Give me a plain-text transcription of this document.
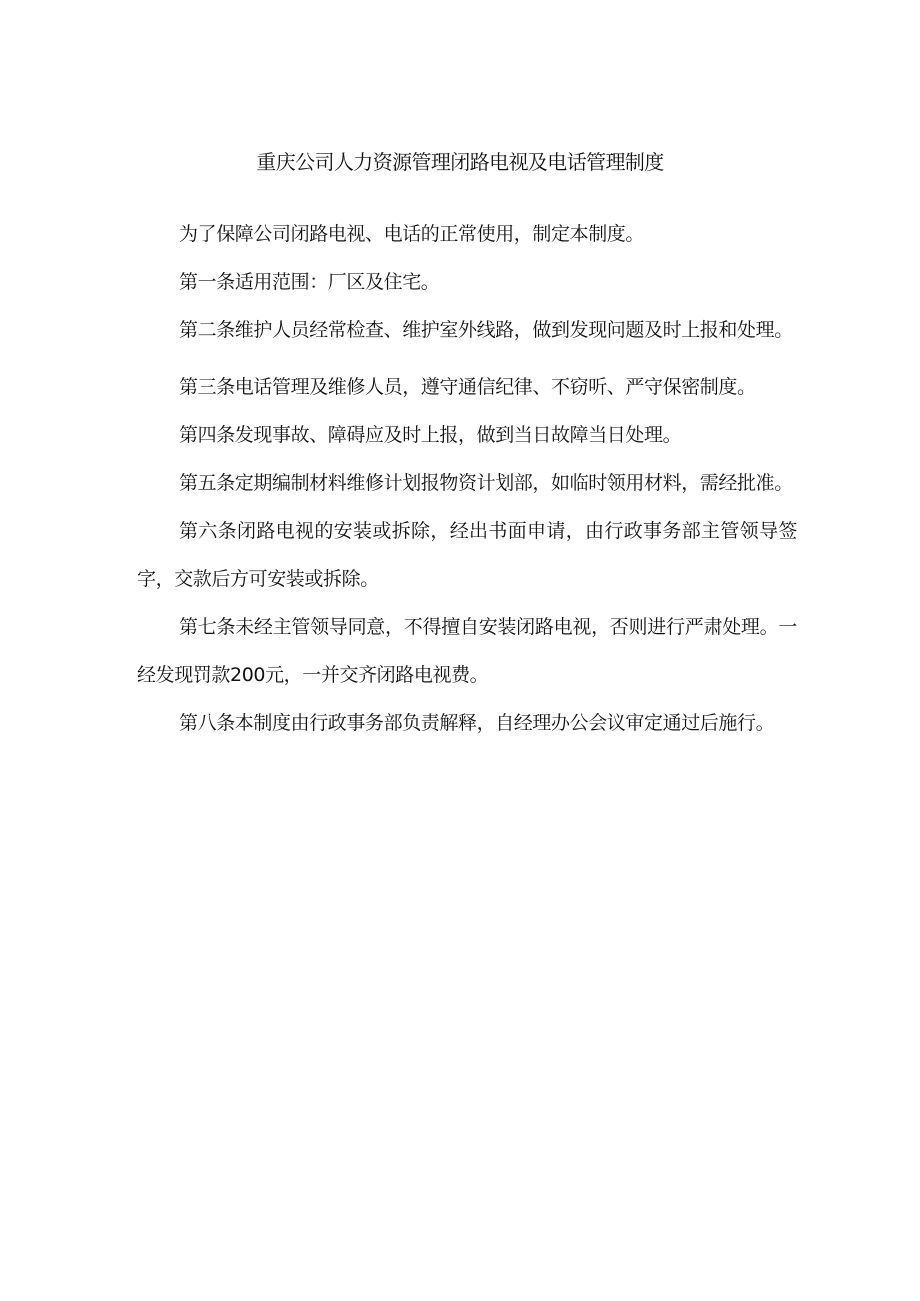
重庆公司人力资源管理闭路电视及电话管理制度

为了保障公司闭路电视、电话的正常使用，制定本制度。

第一条适用范围：厂区及住宅。

第二条维护人员经常检查、维护室外线路，做到发现问题及时上报和处理。

第三条电话管理及维修人员，遵守通信纪律、不窃听、严守保密制度。

第四条发现事故、障碍应及时上报，做到当日故障当日处理。

第五条定期编制材料维修计划报物资计划部，如临时领用材料，需经批准。

第六条闭路电视的安装或拆除，经出书面申请，由行政事务部主管领导签字，交款后方可安装或拆除。

第七条未经主管领导同意，不得擅自安装闭路电视，否则进行严肃处理。一经发现罚款200元，一并交齐闭路电视费。

第八条本制度由行政事务部负责解释，自经理办公会议审定通过后施行。
